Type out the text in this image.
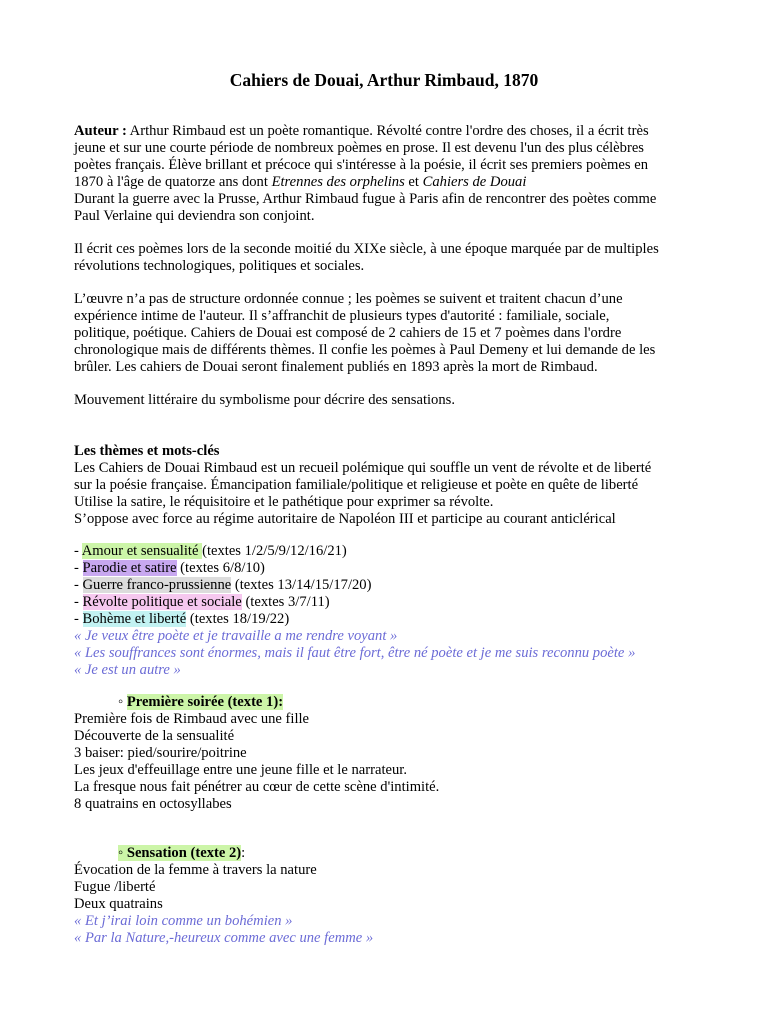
Cahiers de Douai, Arthur Rimbaud, 1870
Auteur : Arthur Rimbaud est un poète romantique. Révolté contre l'ordre des choses, il a écrit très
jeune et sur une courte période de nombreux poèmes en prose. Il est devenu l'un des plus célèbres
poètes français. Élève brillant et précoce qui s'intéresse à la poésie, il écrit ses premiers poèmes en
1870 à l'âge de quatorze ans dont Etrennes des orphelins et Cahiers de Douai
Durant la guerre avec la Prusse, Arthur Rimbaud fugue à Paris afin de rencontrer des poètes comme
Paul Verlaine qui deviendra son conjoint.
Il écrit ces poèmes lors de la seconde moitié du XIXe siècle, à une époque marquée par de multiples
révolutions technologiques, politiques et sociales.
L’œuvre n’a pas de structure ordonnée connue ; les poèmes se suivent et traitent chacun d’une
expérience intime de l'auteur. Il s’affranchit de plusieurs types d'autorité : familiale, sociale,
politique, poétique. Cahiers de Douai est composé de 2 cahiers de 15 et 7 poèmes dans l'ordre
chronologique mais de différents thèmes. Il confie les poèmes à Paul Demeny et lui demande de les
brûler. Les cahiers de Douai seront finalement publiés en 1893 après la mort de Rimbaud.
Mouvement littéraire du symbolisme pour décrire des sensations.
Les thèmes et mots-clés
Les Cahiers de Douai Rimbaud est un recueil polémique qui souffle un vent de révolte et de liberté
sur la poésie française. Émancipation familiale/politique et religieuse et poète en quête de liberté
Utilise la satire, le réquisitoire et le pathétique pour exprimer sa révolte.
S’oppose avec force au régime autoritaire de Napoléon III et participe au courant anticlérical
- Amour et sensualité (textes 1/2/5/9/12/16/21)
- Parodie et satire (textes 6/8/10)
- Guerre franco-prussienne (textes 13/14/15/17/20)
- Révolte politique et sociale (textes 3/7/11)
- Bohème et liberté (textes 18/19/22)
« Je veux être poète et je travaille a me rendre voyant »
« Les souffrances sont énormes, mais il faut être fort, être né poète et je me suis reconnu poète »
« Je est un autre »
◦ Première soirée (texte 1):
Première fois de Rimbaud avec une fille
Découverte de la sensualité
3 baiser: pied/sourire/poitrine
Les jeux d'effeuillage entre une jeune fille et le narrateur.
La fresque nous fait pénétrer au cœur de cette scène d'intimité.
8 quatrains en octosyllabes
◦ Sensation (texte 2):
Évocation de la femme à travers la nature
Fugue /liberté
Deux quatrains
« Et j’irai loin comme un bohémien »
« Par la Nature,-heureux comme avec une femme »
